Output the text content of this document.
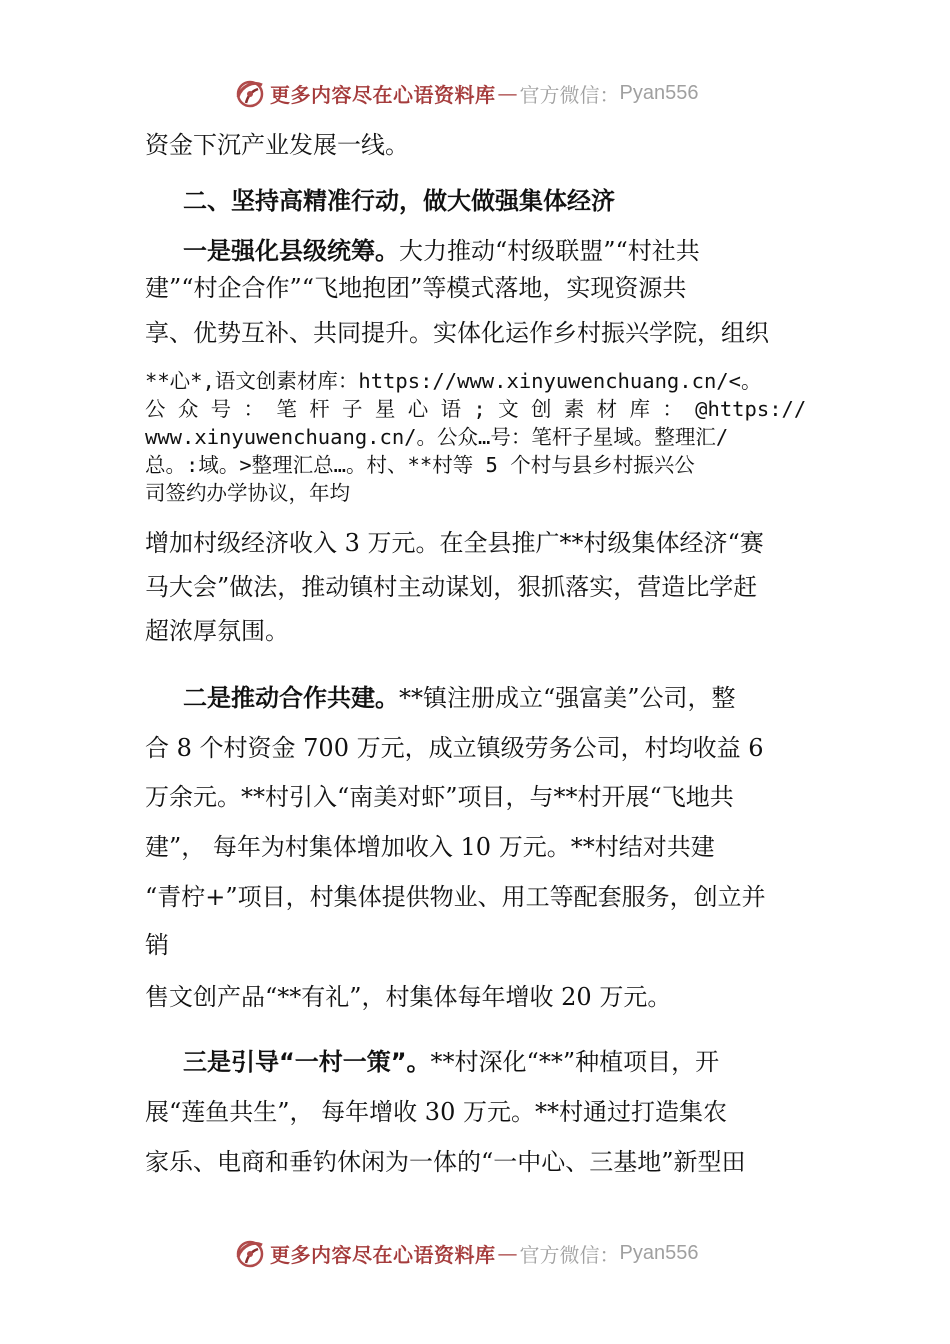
更多内容尽在心语资料库 — 官方微信： Pyan556
资金下沉产业发展一线。
二、坚持高精准行动，做大做强集体经济
一是强化县级统筹。大力推动“村级联盟”“村社共
建”“村企合作”“飞地抱团”等模式落地，实现资源共
享、优势互补、共同提升。实体化运作乡村振兴学院，组织
**心*,语文创素材库：https://www.xinyuwenchuang.cn/<。
公 众 号 ： 笔 杆 子 星 心 语 ; 文 创 素 材 库 ： @https://
www.xinyuwenchuang.cn/。公众…号：笔杆子星域。整理汇/
总。:域。>整理汇总…。村、**村等 5 个村与县乡村振兴公
司签约办学协议，年均
增加村级经济收入 3 万元。在全县推广**村级集体经济“赛
马大会”做法，推动镇村主动谋划，狠抓落实，营造比学赶
超浓厚氛围。
二是推动合作共建。**镇注册成立“强富美”公司，整
合 8 个村资金 700 万元，成立镇级劳务公司，村均收益 6
万余元。**村引入“南美对虾”项目，与**村开展“飞地共
建”， 每年为村集体增加收入 10 万元。**村结对共建
“青柠+”项目，村集体提供物业、用工等配套服务，创立并
销
售文创产品“**有礼”，村集体每年增收 20 万元。
三是引导“一村一策”。**村深化“**”种植项目，开
展“莲鱼共生”， 每年增收 30 万元。**村通过打造集农
家乐、电商和垂钓休闲为一体的“一中心、三基地”新型田
更多内容尽在心语资料库 — 官方微信： Pyan556
